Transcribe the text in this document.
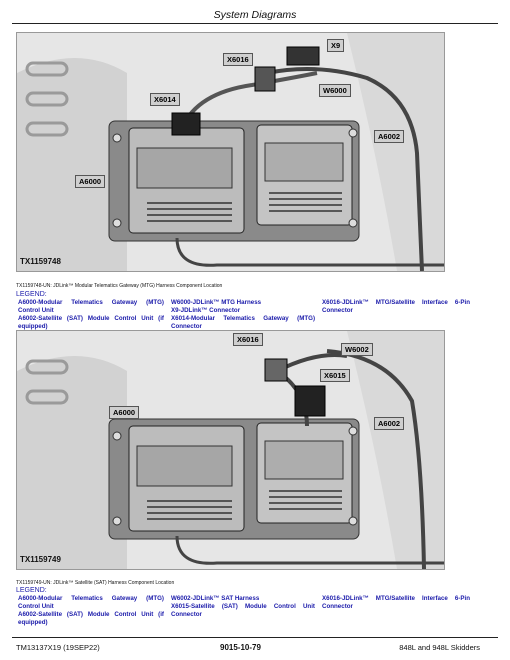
System Diagrams
X9
X6016
W6000
X6014
A6002
A6000
TX1159748
TX1159748-UN: JDLink™ Modular Telematics Gateway (MTG) Harness Component Location
LEGEND:
A6000-Modular Telematics Gateway (MTG) Control Unit
A6002-Satellite (SAT) Module Control Unit (if equipped)
W6000-JDLink™ MTG Harness
X9-JDLink™ Connector
X6014-Modular Telematics Gateway (MTG) Connector
X6016-JDLink™ MTG/Satellite Interface 6-Pin Connector
X6016
W6002
X6015
A6000
A6002
TX1159749
TX1159749-UN: JDLink™ Satellite (SAT) Harness Component Location
LEGEND:
A6000-Modular Telematics Gateway (MTG) Control Unit
A6002-Satellite (SAT) Module Control Unit (if equipped)
W6002-JDLink™ SAT Harness
X6015-Satellite (SAT) Module Control Unit Connector
X6016-JDLink™ MTG/Satellite Interface 6-Pin Connector
TM13137X19 (19SEP22)	9015-10-79	848L and 948L Skidders
